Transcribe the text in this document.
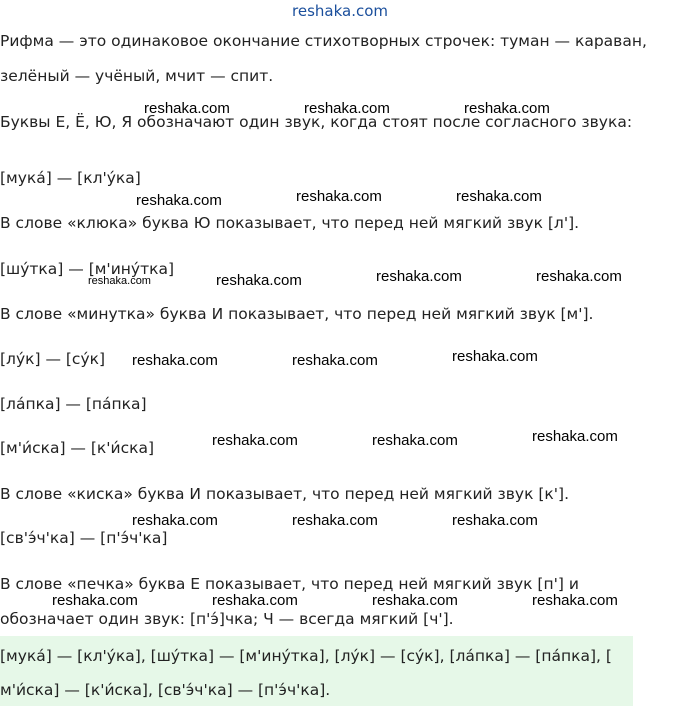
reshaka.com
Рифма — это одинаковое окончание стихотворных строчек: туман — караван,
зелёный — учёный, мчит — спит.
Буквы Е, Ё, Ю, Я обозначают один звук, когда стоят после согласного звука:
[мука́] — [кл'у́ка]
В слове «клюка» буква Ю показывает, что перед ней мягкий звук [л'].
[шу́тка] — [м'инýтка]
В слове «минутка» буква И показывает, что перед ней мягкий звук [м'].
[лу́к] — [су́к]
[ла́пка] — [па́пка]
[м'и́ска] — [к'и́ска]
В слове «киска» буква И показывает, что перед ней мягкий звук [к'].
[св'э́ч'ка] — [п'э́ч'ка]
В слове «печка» буква Е показывает, что перед ней мягкий звук [п'] и
обозначает один звук: [п'э́]чка; Ч — всегда мягкий [ч'].
[мука́] — [кл'у́ка], [шу́тка] — [м'инýтка], [лу́к] — [су́к], [ла́пка] — [па́пка], [
м'и́ска] — [к'и́ска], [св'э́ч'ка] — [п'э́ч'ка].
reshaka.com	reshaka.com	reshaka.com
reshaka.com	reshaka.com	reshaka.com
reshaka.com	reshaka.com	reshaka.com	reshaka.com
reshaka.com	reshaka.com	reshaka.com
reshaka.com	reshaka.com	reshaka.com
reshaka.com	reshaka.com	reshaka.com
reshaka.com	reshaka.com	reshaka.com	reshaka.com
